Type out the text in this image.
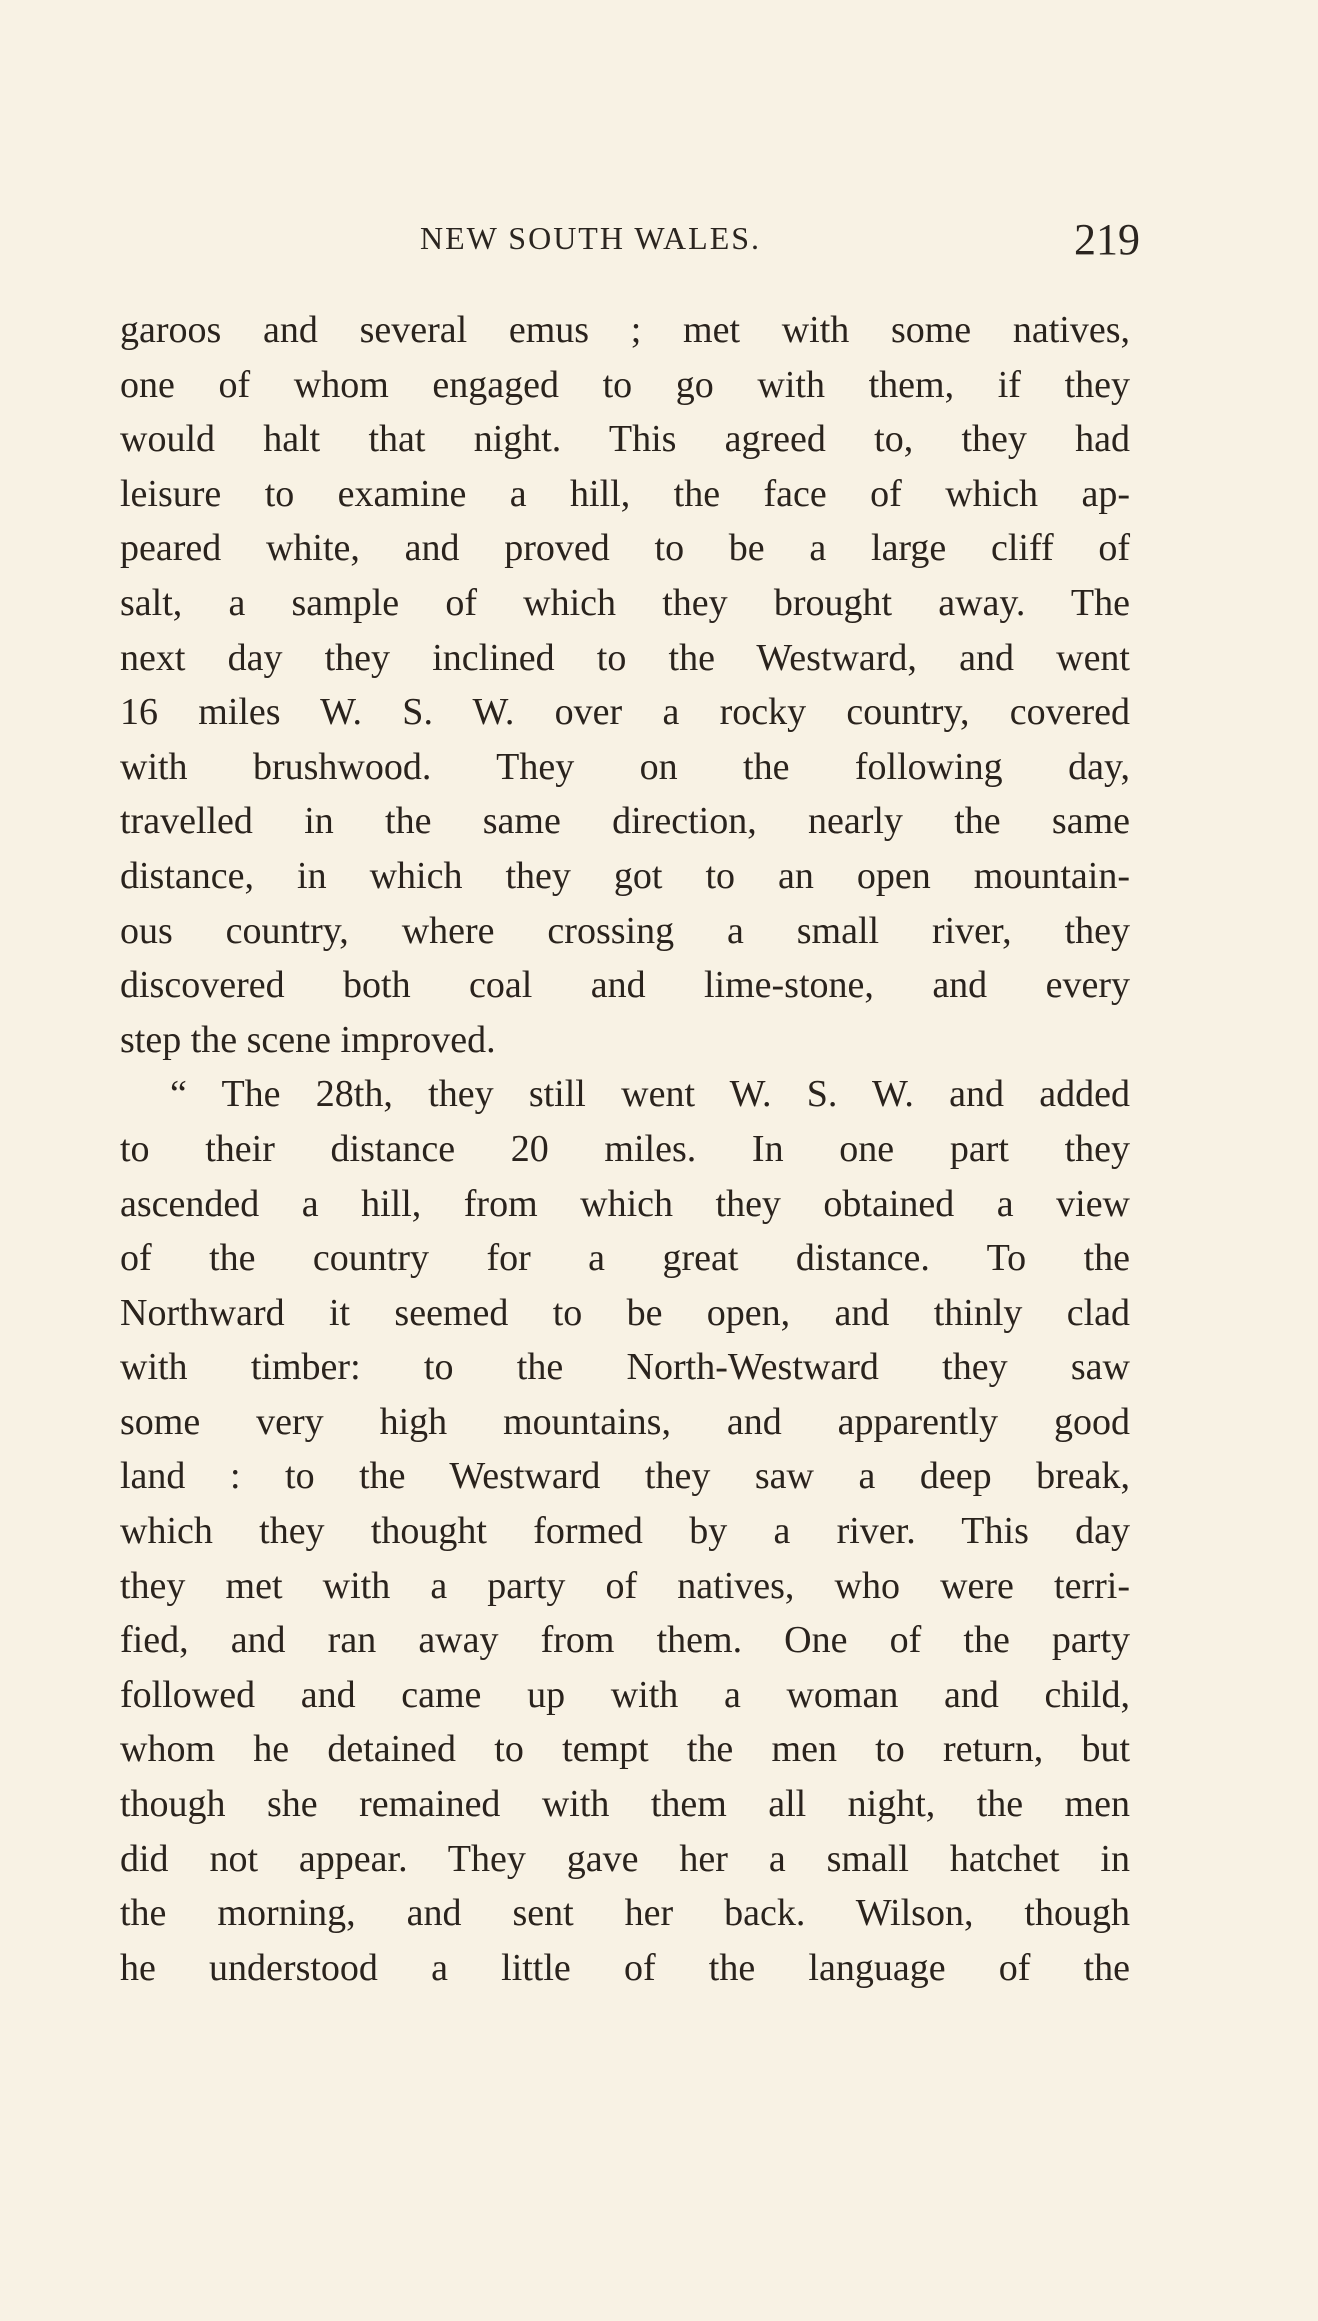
NEW SOUTH WALES.	219
garoos and several emus ; met with some natives,
one of whom engaged to go with them, if they
would halt that night. This agreed to, they had
leisure to examine a hill, the face of which ap-
peared white, and proved to be a large cliff of
salt, a sample of which they brought away. The
next day they inclined to the Westward, and went
16 miles W. S. W. over a rocky country, covered
with brushwood. They on the following day,
travelled in the same direction, nearly the same
distance, in which they got to an open mountain-
ous country, where crossing a small river, they
discovered both coal and lime-stone, and every
step the scene improved.
“ The 28th, they still went W. S. W. and added
to their distance 20 miles. In one part they
ascended a hill, from which they obtained a view
of the country for a great distance. To the
Northward it seemed to be open, and thinly clad
with timber: to the North-Westward they saw
some very high mountains, and apparently good
land : to the Westward they saw a deep break,
which they thought formed by a river. This day
they met with a party of natives, who were terri-
fied, and ran away from them. One of the party
followed and came up with a woman and child,
whom he detained to tempt the men to return, but
though she remained with them all night, the men
did not appear. They gave her a small hatchet in
the morning, and sent her back. Wilson, though
he understood a little of the language of the
